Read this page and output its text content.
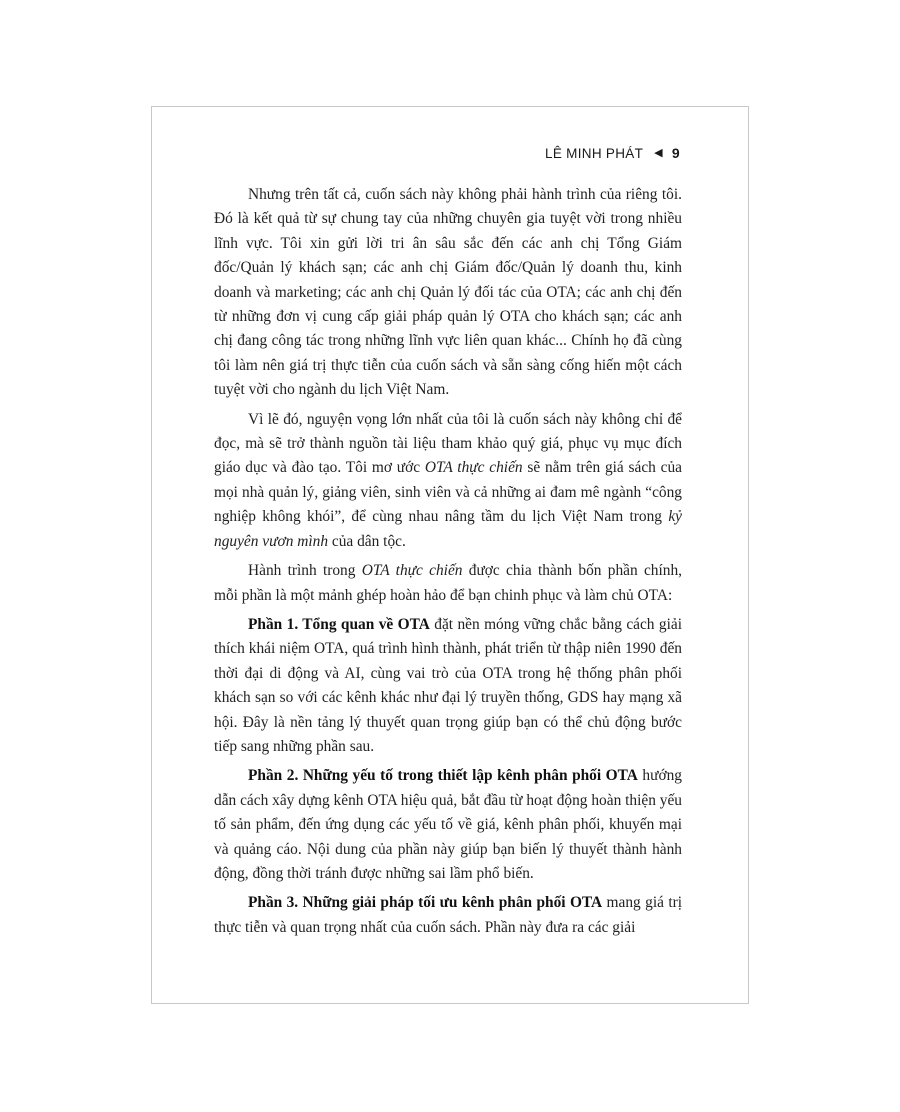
LÊ MINH PHÁT ◀ 9

Nhưng trên tất cả, cuốn sách này không phải hành trình của riêng tôi. Đó là kết quả từ sự chung tay của những chuyên gia tuyệt vời trong nhiều lĩnh vực. Tôi xin gửi lời tri ân sâu sắc đến các anh chị Tổng Giám đốc/Quản lý khách sạn; các anh chị Giám đốc/Quản lý doanh thu, kinh doanh và marketing; các anh chị Quản lý đối tác của OTA; các anh chị đến từ những đơn vị cung cấp giải pháp quản lý OTA cho khách sạn; các anh chị đang công tác trong những lĩnh vực liên quan khác... Chính họ đã cùng tôi làm nên giá trị thực tiễn của cuốn sách và sẵn sàng cống hiến một cách tuyệt vời cho ngành du lịch Việt Nam.

Vì lẽ đó, nguyện vọng lớn nhất của tôi là cuốn sách này không chỉ để đọc, mà sẽ trở thành nguồn tài liệu tham khảo quý giá, phục vụ mục đích giáo dục và đào tạo. Tôi mơ ước OTA thực chiến sẽ nằm trên giá sách của mọi nhà quản lý, giảng viên, sinh viên và cả những ai đam mê ngành “công nghiệp không khói”, để cùng nhau nâng tầm du lịch Việt Nam trong kỷ nguyên vươn mình của dân tộc.

Hành trình trong OTA thực chiến được chia thành bốn phần chính, mỗi phần là một mảnh ghép hoàn hảo để bạn chinh phục và làm chủ OTA:

Phần 1. Tổng quan về OTA đặt nền móng vững chắc bằng cách giải thích khái niệm OTA, quá trình hình thành, phát triển từ thập niên 1990 đến thời đại di động và AI, cùng vai trò của OTA trong hệ thống phân phối khách sạn so với các kênh khác như đại lý truyền thống, GDS hay mạng xã hội. Đây là nền tảng lý thuyết quan trọng giúp bạn có thể chủ động bước tiếp sang những phần sau.

Phần 2. Những yếu tố trong thiết lập kênh phân phối OTA hướng dẫn cách xây dựng kênh OTA hiệu quả, bắt đầu từ hoạt động hoàn thiện yếu tố sản phẩm, đến ứng dụng các yếu tố về giá, kênh phân phối, khuyến mại và quảng cáo. Nội dung của phần này giúp bạn biến lý thuyết thành hành động, đồng thời tránh được những sai lầm phổ biến.

Phần 3. Những giải pháp tối ưu kênh phân phối OTA mang giá trị thực tiễn và quan trọng nhất của cuốn sách. Phần này đưa ra các giải
